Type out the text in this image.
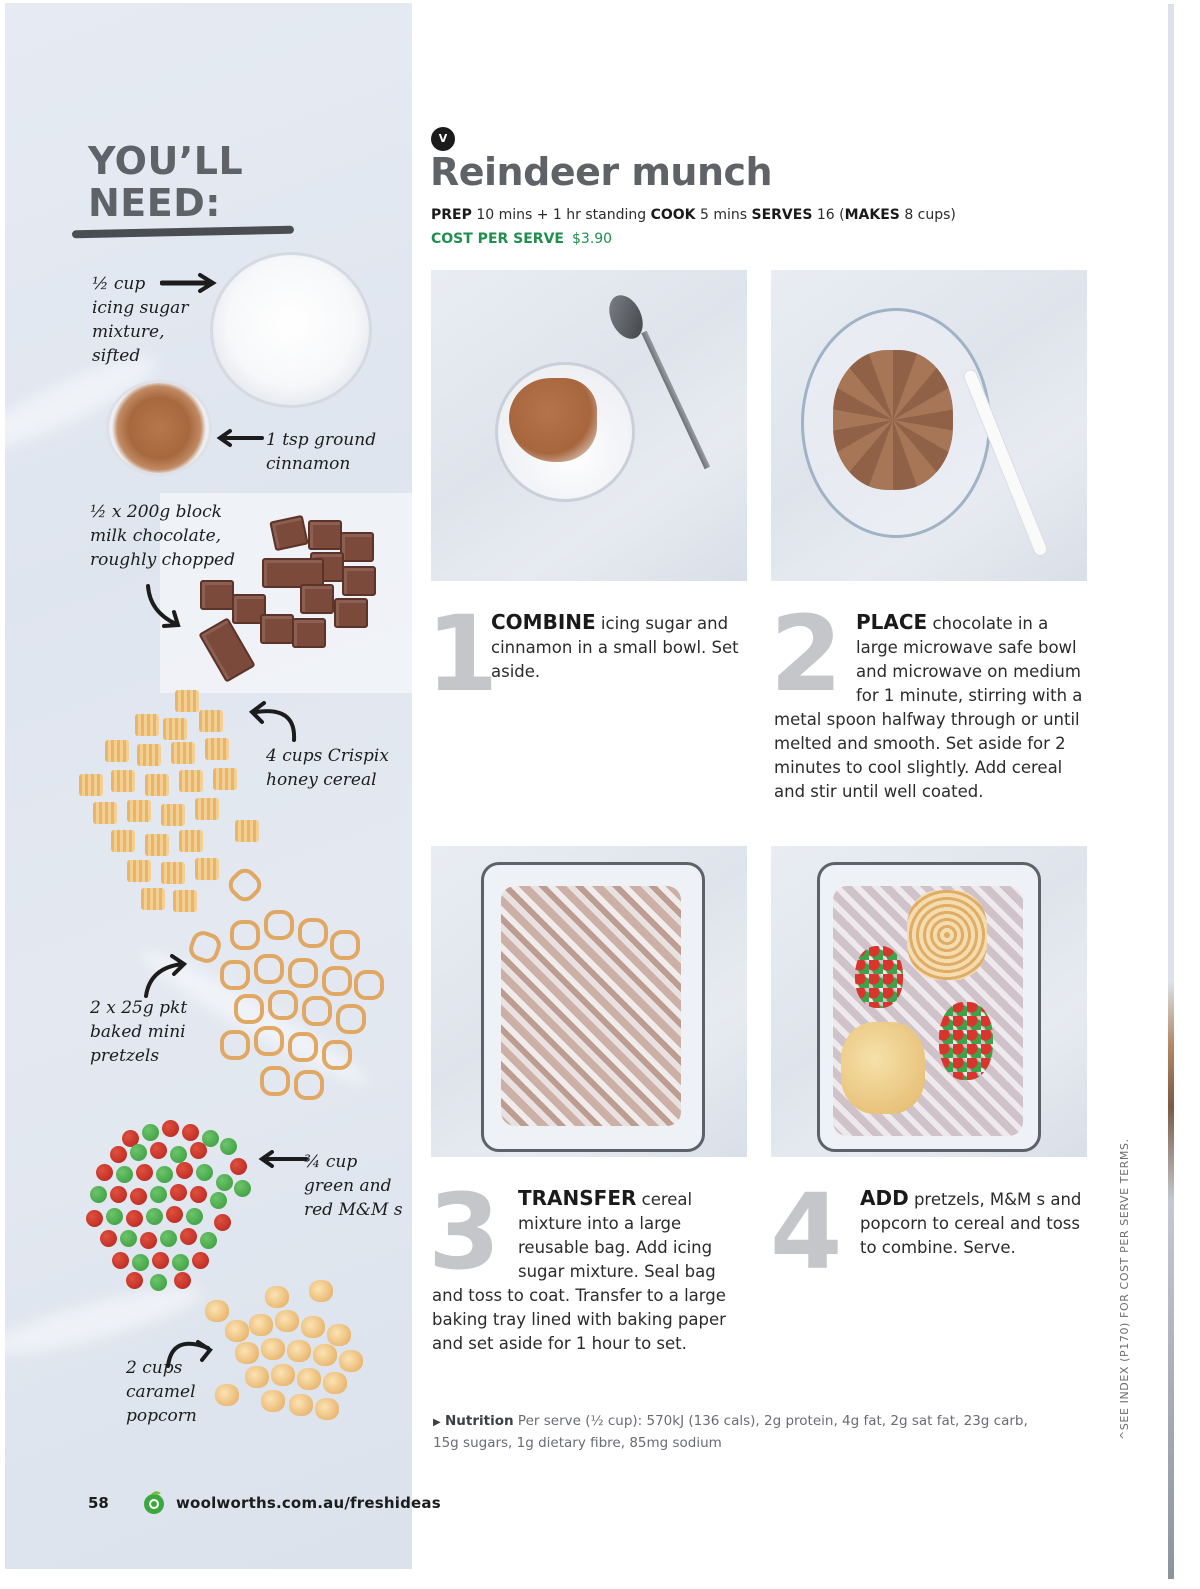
YOU’LL
NEED:
½ cup
icing sugar
mixture,
sifted
1 tsp ground
cinnamon
½ x 200g block
milk chocolate,
roughly chopped
4 cups Crispix
honey cereal
2 x 25g pkt
baked mini
pretzels
¾ cup
green and
red M&M s
2 cups
caramel
popcorn
58	woolworths.com.au/freshideas
V
Reindeer munch
PREP 10 mins + 1 hr standing COOK 5 mins SERVES 16 (MAKES 8 cups)
COST PER SERVE $3.90
1
COMBINE icing sugar and cinnamon in a small bowl. Set aside.	2 PLACE chocolate in a large microwave safe bowl and microwave on medium for 1 minute, stirring with a metal spoon halfway through or until melted and smooth. Set aside for 2 minutes to cool slightly. Add cereal and stir until well coated.
3 TRANSFER cereal mixture into a large reusable bag. Add icing sugar mixture. Seal bag and toss to coat. Transfer to a large baking tray lined with baking paper and set aside for 1 hour to set.
4 ADD pretzels, M&M s and popcorn to cereal and toss to combine. Serve.
▶ Nutrition Per serve (½ cup): 570kJ (136 cals), 2g protein, 4g fat, 2g sat fat, 23g carb, 15g sugars, 1g dietary fibre, 85mg sodium
^SEE INDEX (P170) FOR COST PER SERVE TERMS.
